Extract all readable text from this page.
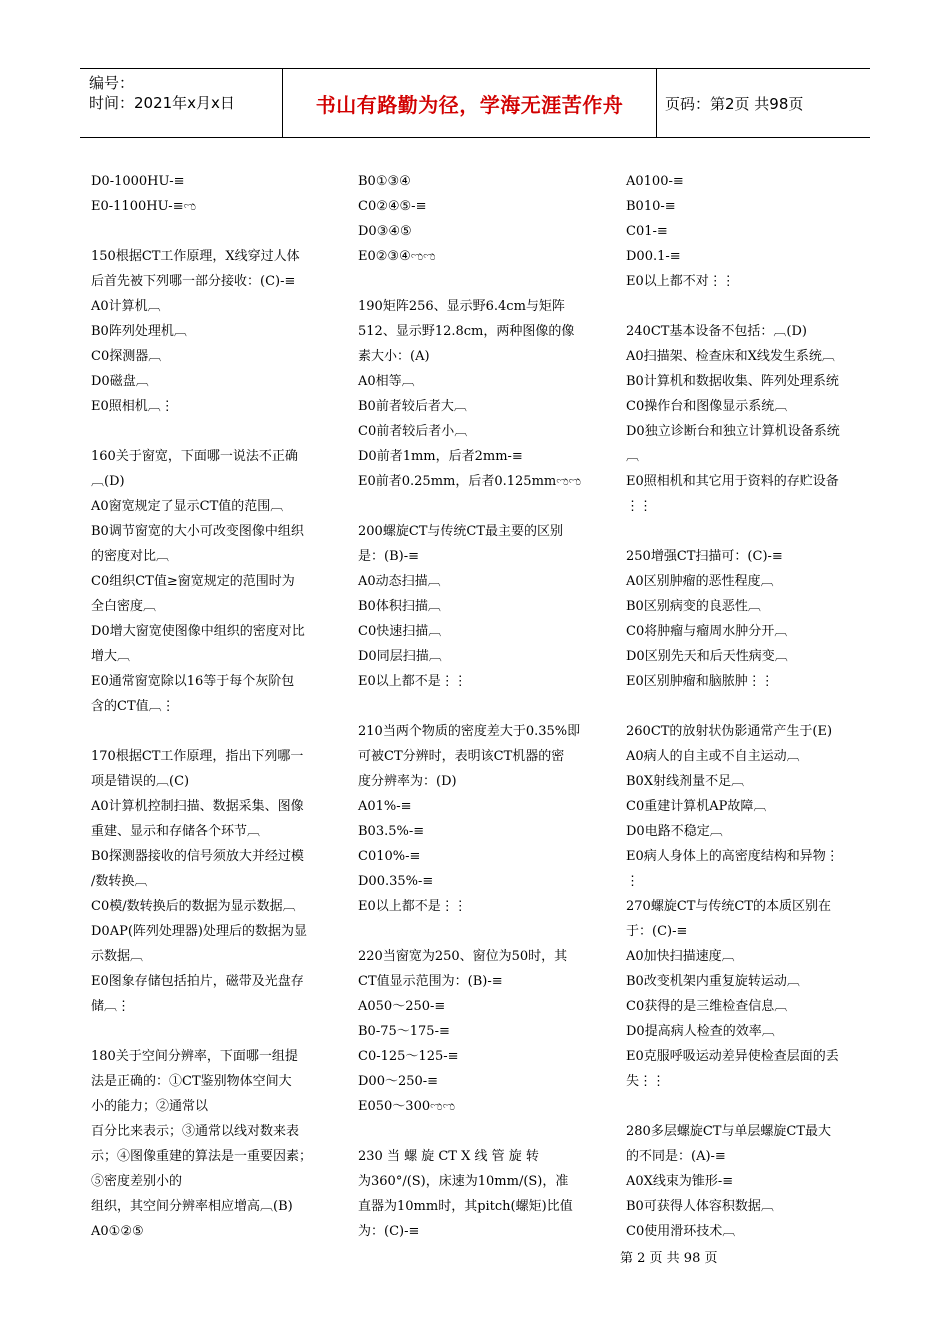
编号：
时间：2021年x月x日	书山有路勤为径，学海无涯苦作舟	页码：第2页 共98页

D0-1000HU-≡

E0-1100HU-≡ಌ

150根据CT工作原理，X线穿过人体

后首先被下列哪一部分接收：(C)-≡

A0计算机︹

B0阵列处理机︹

C0探测器︹

D0磁盘︹

E0照相机︹⋮

160关于窗宽，下面哪一说法不正确

︹(D)

A0窗宽规定了显示CT值的范围︹

B0调节窗宽的大小可改变图像中组织

的密度对比︹

C0组织CT值≥窗宽规定的范围时为

全白密度︹

D0增大窗宽使图像中组织的密度对比

增大︹

E0通常窗宽除以16等于每个灰阶包

含的CT值︹⋮

170根据CT工作原理，指出下列哪一

项是错误的︹(C)

A0计算机控制扫描、数据采集、图像

重建、显示和存储各个环节︹

B0探测器接收的信号须放大并经过模

/数转换︹

C0模/数转换后的数据为显示数据︹

D0AP(阵列处理器)处理后的数据为显

示数据︹

E0图象存储包括拍片，磁带及光盘存

储︹⋮

180关于空间分辨率，下面哪一组提

法是正确的：①CT鉴别物体空间大

小的能力；②通常以

百分比来表示；③通常以线对数来表

示；④图像重建的算法是一重要因素；

⑤密度差别小的

组织，其空间分辨率相应增高︹(B)

A0①②⑤

B0①③④

C0②④⑤-≡

D0③④⑤

E0②③④ಌಌ

190矩阵256、显示野6.4cm与矩阵

512、显示野12.8cm，两种图像的像

素大小：(A)

A0相等︹

B0前者较后者大︹

C0前者较后者小︹

D0前者1mm，后者2mm-≡

E0前者0.25mm，后者0.125mmಌಌ

200螺旋CT与传统CT最主要的区别

是：(B)-≡

A0动态扫描︹

B0体积扫描︹

C0快速扫描︹

D0同层扫描︹

E0以上都不是⋮⋮

210当两个物质的密度差大于0.35%即

可被CT分辨时，表明该CT机器的密

度分辨率为：(D)

A01%-≡

B03.5%-≡

C010%-≡

D00.35%-≡

E0以上都不是⋮⋮

220当窗宽为250、窗位为50时，其

CT值显示范围为：(B)-≡

A050～250-≡

B0-75～175-≡

C0-125～125-≡

D00～250-≡

E050～300ಌಌ

230 当 螺 旋 CT X 线 管 旋 转

为360°/(S)，床速为10mm/(S)，准

直器为10mm时，其pitch(螺矩)比值

为：(C)-≡

A0100-≡

B010-≡

C01-≡

D00.1-≡

E0以上都不对⋮⋮

240CT基本设备不包括：︹(D)

A0扫描架、检查床和X线发生系统︹

B0计算机和数据收集、阵列处理系统

C0操作台和图像显示系统︹

D0独立诊断台和独立计算机设备系统

︹

E0照相机和其它用于资料的存贮设备

⋮⋮

250增强CT扫描可：(C)-≡

A0区别肿瘤的恶性程度︹

B0区别病变的良恶性︹

C0将肿瘤与瘤周水肿分开︹

D0区别先天和后天性病变︹

E0区别肿瘤和脑脓肿⋮⋮

260CT的放射状伪影通常产生于(E)

A0病人的自主或不自主运动︹

B0X射线剂量不足︹

C0重建计算机AP故障︹

D0电路不稳定︹

E0病人身体上的高密度结构和异物⋮

⋮

270螺旋CT与传统CT的本质区别在

于：(C)-≡

A0加快扫描速度︹

B0改变机架内重复旋转运动︹

C0获得的是三维检查信息︹

D0提高病人检查的效率︹

E0克服呼吸运动差异使检查层面的丢

失⋮⋮

280多层螺旋CT与单层螺旋CT最大

的不同是：(A)-≡

A0X线束为锥形-≡

B0可获得人体容积数据︹

C0使用滑环技术︹

第 2 页 共 98 页
